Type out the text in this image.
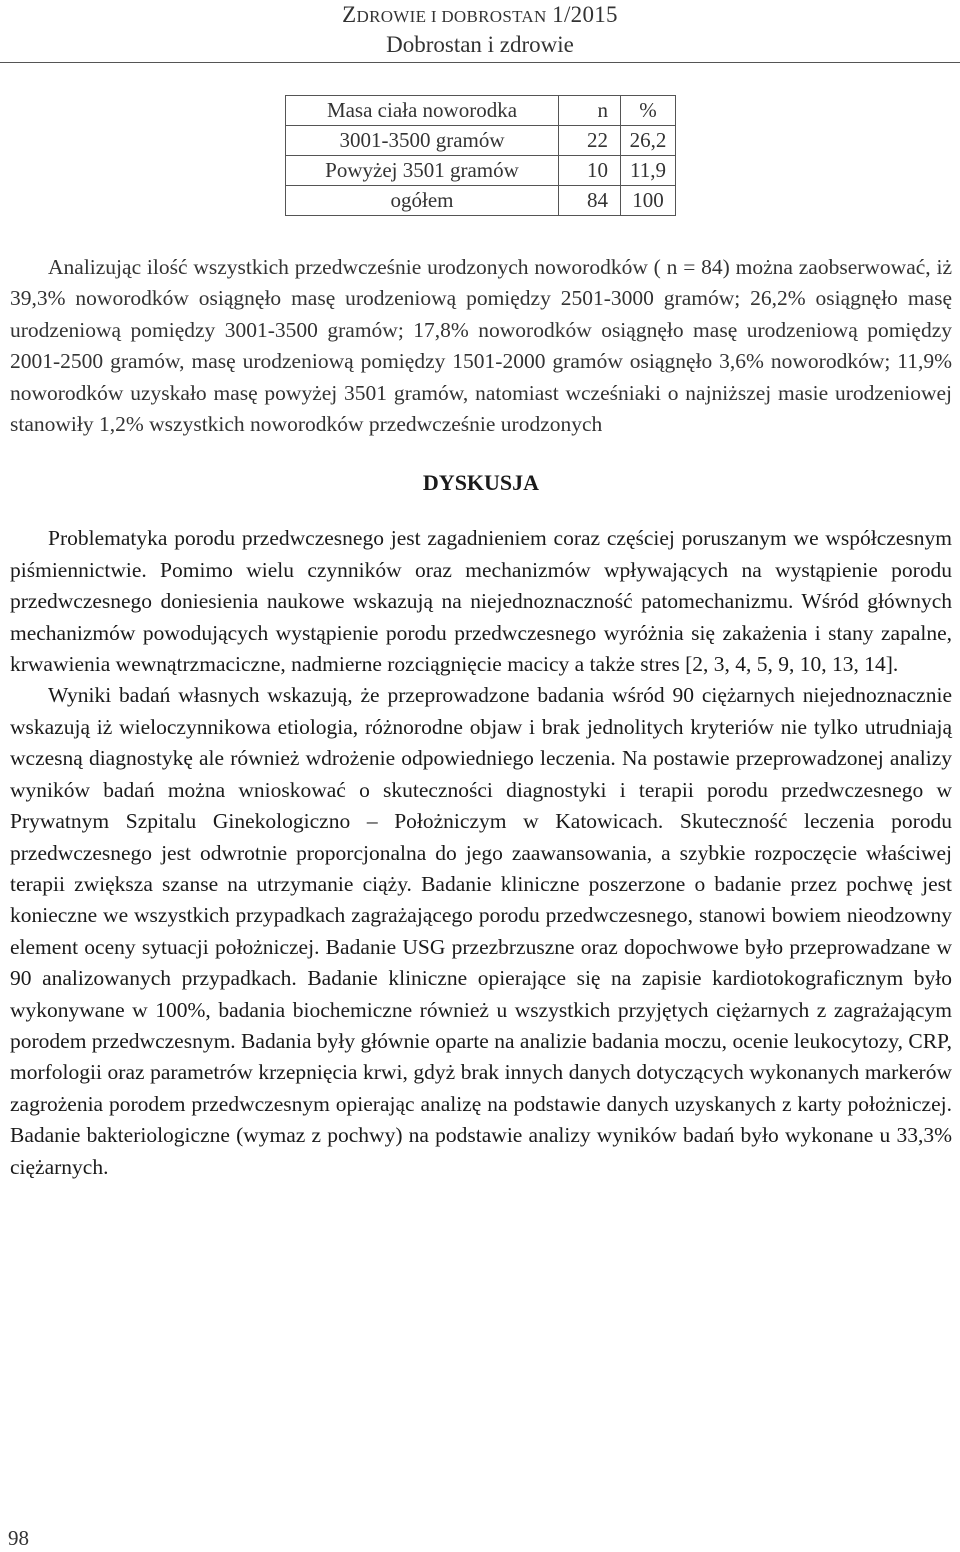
ZDROWIE I DOBROSTAN 1/2015
Dobrostan i zdrowie
Masa ciała noworodka	n	%
3001-3500 gramów	22	26,2
Powyżej 3501 gramów	10	11,9
ogółem	84	100

Analizując ilość wszystkich przedwcześnie urodzonych noworodków ( n = 84) można zaobserwować, iż 39,3% noworodków osiągnęło masę urodzeniową pomiędzy 2501-3000 gramów; 26,2% osiągnęło masę urodzeniową pomiędzy 3001-3500 gramów; 17,8% noworodków osiągnęło masę urodzeniową pomiędzy 2001-2500 gramów, masę urodzeniową pomiędzy 1501-2000 gramów osiągnęło 3,6% noworodków; 11,9% noworodków uzyskało masę powyżej 3501 gramów, natomiast wcześniaki o najniższej masie urodzeniowej stanowiły 1,2% wszystkich noworodków przedwcześnie urodzonych

DYSKUSJA

Problematyka porodu przedwczesnego jest zagadnieniem coraz częściej poruszanym we współczesnym piśmiennictwie. Pomimo wielu czynników oraz mechanizmów wpływających na wystąpienie porodu przedwczesnego doniesienia naukowe wskazują na niejednoznaczność patomechanizmu. Wśród głównych mechanizmów powodujących wystąpienie porodu przedwczesnego wyróżnia się zakażenia i stany zapalne, krwawienia wewnątrzmaciczne, nadmierne rozciągnięcie macicy a także stres [2, 3, 4, 5, 9, 10, 13, 14].

Wyniki badań własnych wskazują, że przeprowadzone badania wśród 90 ciężarnych niejednoznacznie wskazują iż wieloczynnikowa etiologia, różnorodne objaw i brak jednolitych kryteriów nie tylko utrudniają wczesną diagnostykę ale również wdrożenie odpowiedniego leczenia. Na postawie przeprowadzonej analizy wyników badań można wnioskować o skuteczności diagnostyki i terapii porodu przedwczesnego w Prywatnym Szpitalu Ginekologiczno – Położniczym w Katowicach. Skuteczność leczenia porodu przedwczesnego jest odwrotnie proporcjonalna do jego zaawansowania, a szybkie rozpoczęcie właściwej terapii zwiększa szanse na utrzymanie ciąży. Badanie kliniczne poszerzone o badanie przez pochwę jest konieczne we wszystkich przypadkach zagrażającego porodu przedwczesnego, stanowi bowiem nieodzowny element oceny sytuacji położniczej. Badanie USG przezbrzuszne oraz dopochwowe było przeprowadzane w 90 analizowanych przypadkach. Badanie kliniczne opierające się na zapisie kardiotokograficznym było wykonywane w 100%, badania biochemiczne również u wszystkich przyjętych ciężarnych z zagrażającym porodem przedwczesnym. Badania były głównie oparte na analizie badania moczu, ocenie leukocytozy, CRP, morfologii oraz parametrów krzepnięcia krwi, gdyż brak innych danych dotyczących wykonanych markerów zagrożenia porodem przedwczesnym opierając analizę na podstawie danych uzyskanych z karty położniczej. Badanie bakteriologiczne (wymaz z pochwy) na podstawie analizy wyników badań było wykonane u 33,3% ciężarnych.

98
